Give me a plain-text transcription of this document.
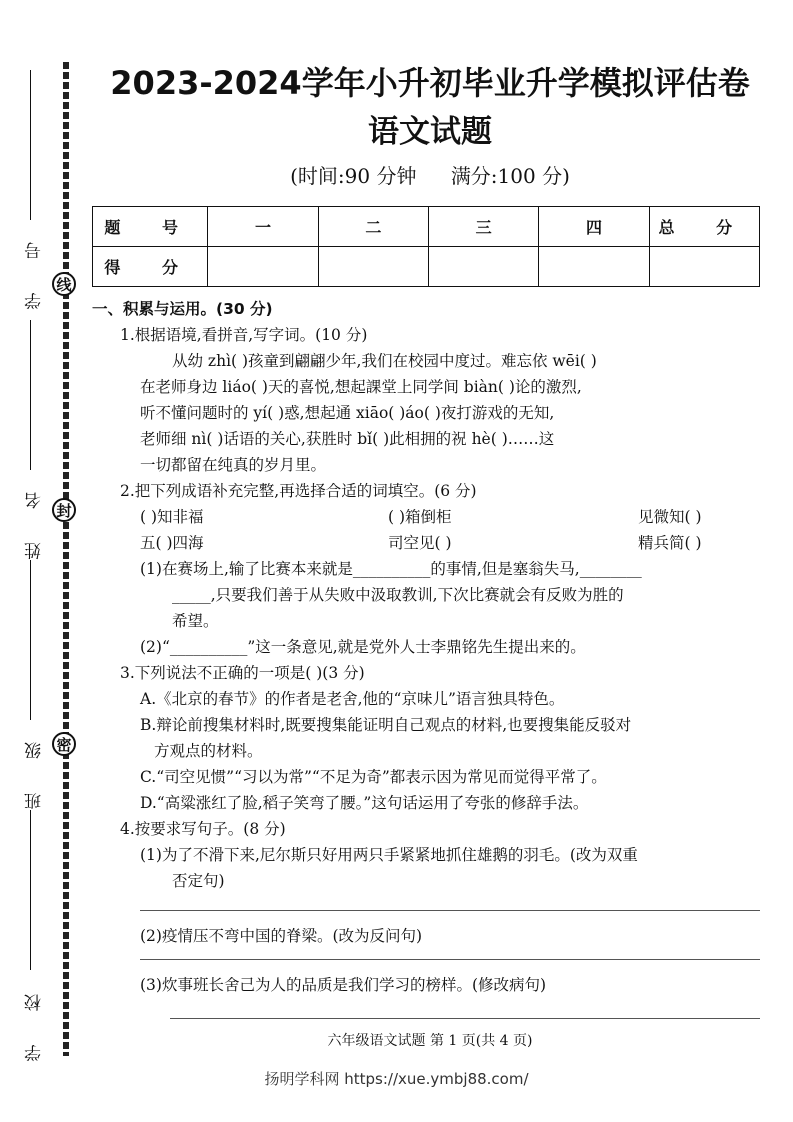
线
封
密
学 号
姓 名
班 级
学 校
2023-2024学年小升初毕业升学模拟评估卷
语文试题
(时间:90 分钟 满分:100 分)
题 号	一	二	三	四	总 分
得 分					
一、积累与运用。(30 分)
1.根据语境,看拼音,写字词。(10 分)
从幼 zhì( )孩童到翩翩少年,我们在校园中度过。难忘依 wēi( )
在老师身边 liáo( )天的喜悦,想起課堂上同学间 biàn( )论的激烈,
听不懂问题时的 yí( )惑,想起通 xiāo( )áo( )夜打游戏的无知,
老师细 nì( )话语的关心,获胜时 bǐ( )此相拥的祝 hè( )……这
一切都留在纯真的岁月里。
2.把下列成语补充完整,再选择合适的词填空。(6 分)
( )知非福	( )箱倒柜	见微知( )
五( )四海	司空见( )	精兵简( )
(1)在赛场上,输了比赛本来就是__________的事情,但是塞翁失马,________
_____,只要我们善于从失败中汲取教训,下次比赛就会有反败为胜的
希望。
(2)“__________”这一条意见,就是党外人士李鼎铭先生提出来的。
3.下列说法不正确的一项是( )(3 分)
A.《北京的春节》的作者是老舍,他的“京味儿”语言独具特色。
B.辩论前搜集材料时,既要搜集能证明自己观点的材料,也要搜集能反驳对
方观点的材料。
C.“司空见惯”“习以为常”“不足为奇”都表示因为常见而觉得平常了。
D.“高粱涨红了脸,稻子笑弯了腰。”这句话运用了夸张的修辞手法。
4.按要求写句子。(8 分)
(1)为了不滑下来,尼尔斯只好用两只手紧紧地抓住雄鹅的羽毛。(改为双重
否定句)
(2)疫情压不弯中国的脊梁。(改为反问句)
(3)炊事班长舍己为人的品质是我们学习的榜样。(修改病句)
六年级语文试题 第 1 页(共 4 页)
扬明学科网 https://xue.ymbj88.com/
